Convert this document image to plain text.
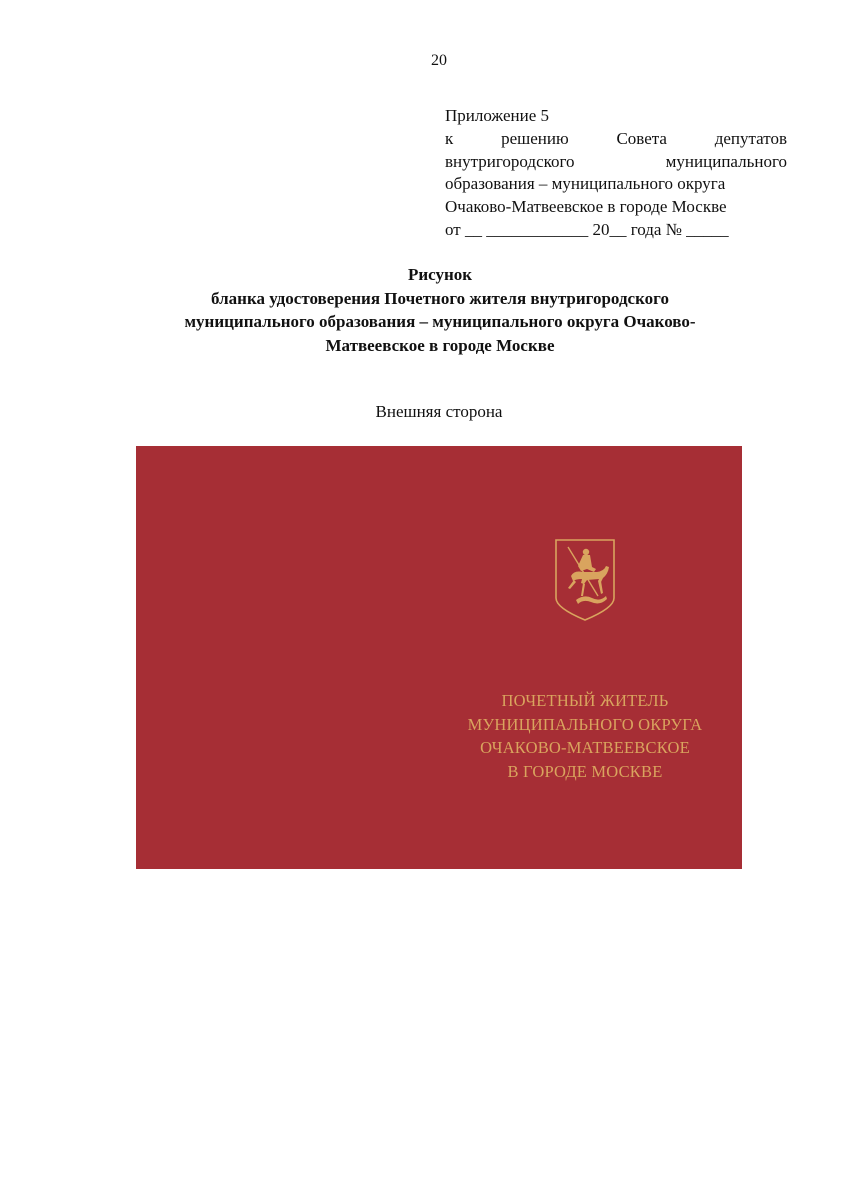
20
Приложение 5
к	решению	Совета	депутатов
внутригородского	муниципального
образования – муниципального округа
Очаково-Матвеевское в городе Москве
от __ ____________ 20__ года № _____
Рисунок
бланка удостоверения Почетного жителя внутригородского
муниципального образования – муниципального округа Очаково-
Матвеевское в городе Москве
Внешняя сторона
ПОЧЕТНЫЙ ЖИТЕЛЬ
МУНИЦИПАЛЬНОГО ОКРУГА
ОЧАКОВО-МАТВЕЕВСКОЕ
В ГОРОДЕ МОСКВЕ
